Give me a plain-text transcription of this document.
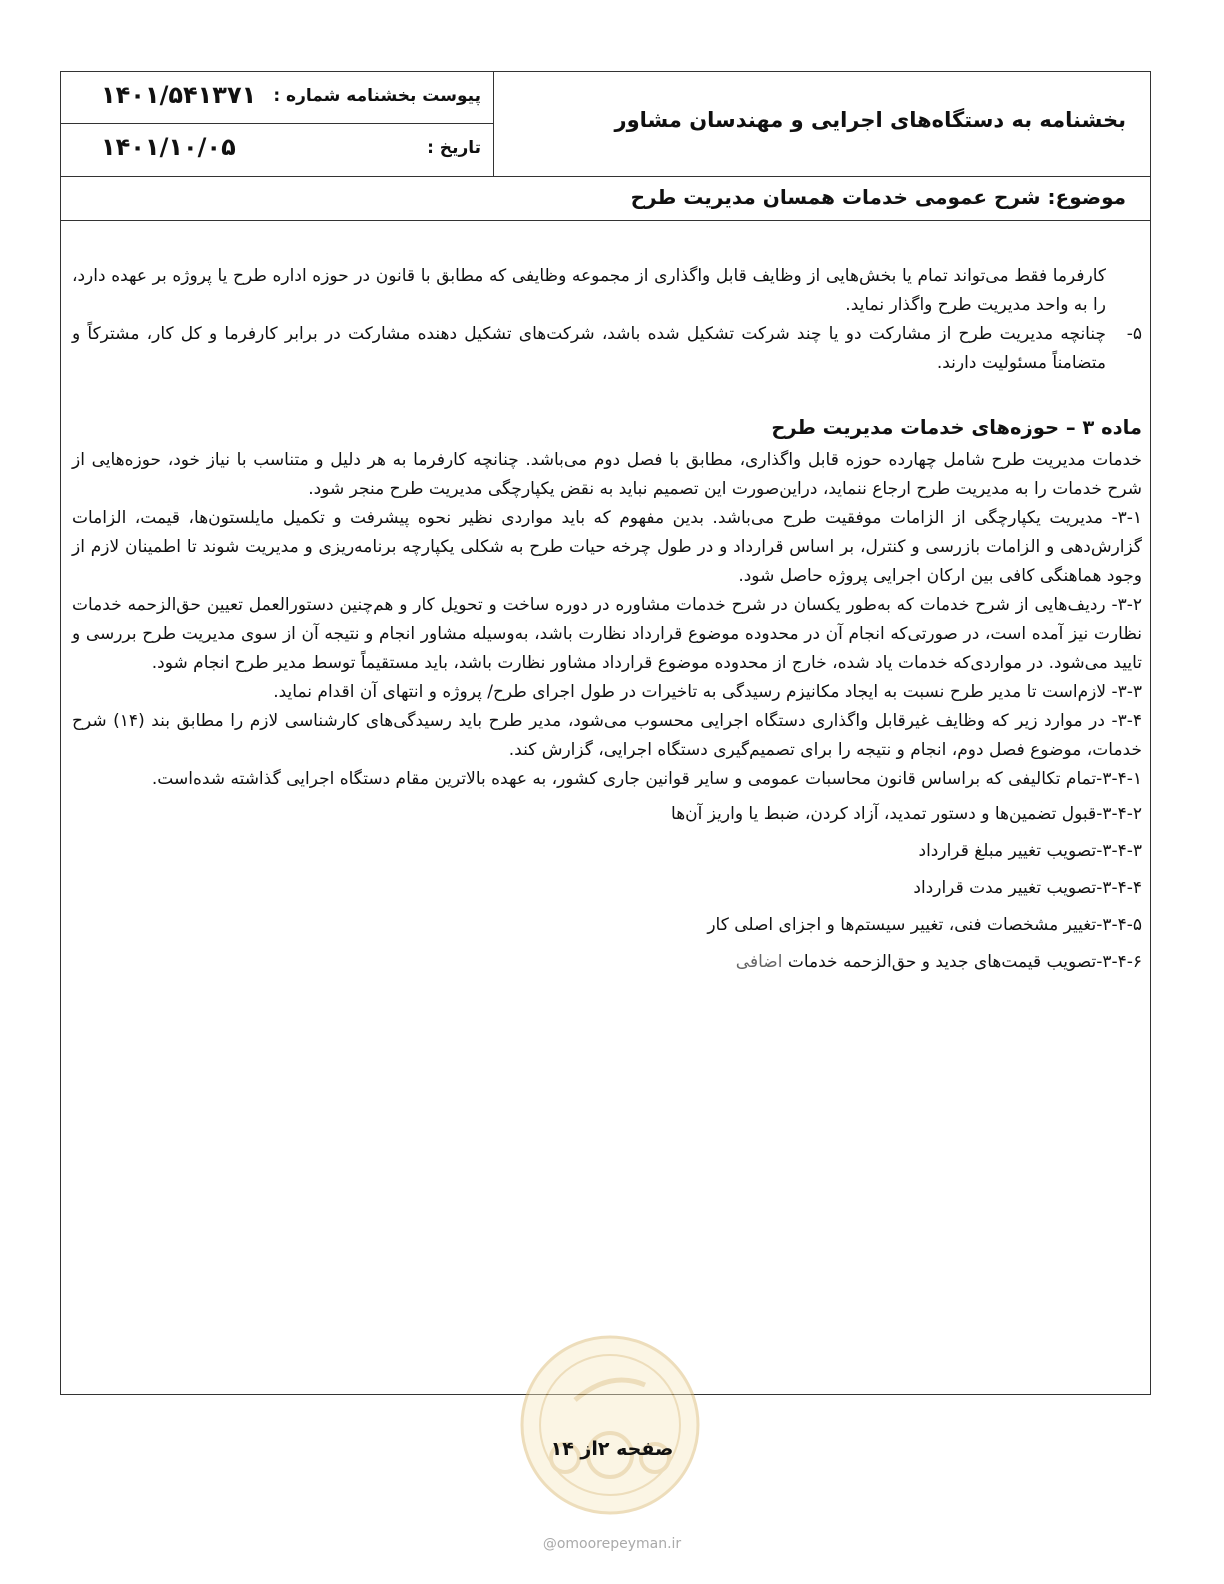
بخشنامه به دستگاه‌های اجرایی و مهندسان مشاور
پیوست بخشنامه شماره :
۱۴۰۱/۵۴۱۳۷۱
تاریخ :
۱۴۰۱/۱۰/۰۵
موضوع: شرح عمومی خدمات همسان مدیریت طرح

کارفرما فقط می‌تواند تمام یا بخش‌هایی از وظایف قابل واگذاری از مجموعه وظایفی که مطابق با قانون در حوزه اداره طرح یا پروژه بر عهده دارد، را به واحد مدیریت طرح واگذار نماید.

۵-
چنانچه مدیریت طرح از مشارکت دو یا چند شرکت تشکیل شده باشد، شرکت‌های تشکیل دهنده مشارکت در برابر کارفرما و کل کار، مشترکاً و متضامناً مسئولیت دارند.
ماده ۳ – حوزه‌های خدمات مدیریت طرح

خدمات مدیریت طرح شامل چهارده حوزه قابل واگذاری، مطابق با فصل دوم می‌باشد. چنانچه کارفرما به هر دلیل و متناسب با نیاز خود، حوزه‌هایی از شرح خدمات را به مدیریت طرح ارجاع ننماید، دراین‌صورت این تصمیم نباید به نقض یکپارچگی مدیریت طرح منجر شود.

۳-۱- مدیریت یکپارچگی از الزامات موفقیت طرح می‌باشد. بدین مفهوم که باید مواردی نظیر نحوه پیشرفت و تکمیل مایلستون‌ها، قیمت، الزامات گزارش‌دهی و الزامات بازرسی و کنترل، بر اساس قرارداد و در طول چرخه حیات طرح به شکلی یکپارچه برنامه‌ریزی و مدیریت شوند تا اطمینان لازم از وجود هماهنگی کافی بین ارکان اجرایی پروژه حاصل شود.

۳-۲- ردیف‌هایی از شرح خدمات که به‌طور یکسان در شرح خدمات مشاوره در دوره ساخت و تحویل کار و هم‌چنین دستورالعمل تعیین حق‌الزحمه خدمات نظارت نیز آمده است، در صورتی‌که انجام آن در محدوده موضوع قرارداد نظارت باشد، به‌وسیله مشاور انجام و نتیجه آن از سوی مدیریت طرح بررسی و تایید می‌شود. در مواردی‌که خدمات یاد شده، خارج از محدوده موضوع قرارداد مشاور نظارت باشد، باید مستقیماً توسط مدیر طرح انجام شود.

۳-۳- لازم‌است تا مدیر طرح نسبت به ایجاد مکانیزم رسیدگی به تاخیرات در طول اجرای طرح/ پروژه و انتهای آن اقدام نماید.

۳-۴- در موارد زیر که وظایف غیرقابل واگذاری دستگاه اجرایی محسوب می‌شود، مدیر طرح باید رسیدگی‌های کارشناسی لازم را مطابق بند (۱۴) شرح خدمات، موضوع فصل دوم، انجام و نتیجه را برای تصمیم‌گیری دستگاه اجرایی، گزارش کند.

۳-۴-۱-تمام تکالیفی که براساس قانون محاسبات عمومی و سایر قوانین جاری کشور، به عهده بالاترین مقام دستگاه اجرایی گذاشته شده‌است.

۳-۴-۲-قبول تضمین‌ها و دستور تمدید، آزاد کردن، ضبط یا واریز آن‌ها

۳-۴-۳-تصویب تغییر مبلغ قرارداد

۳-۴-۴-تصویب تغییر مدت قرارداد

۳-۴-۵-تغییر مشخصات فنی، تغییر سیستم‌ها و اجزای اصلی کار

۳-۴-۶-تصویب قیمت‌های جدید و حق‌الزحمه خدمات اضافی

صفحه ۲از ۱۴
@omoorepeyman.ir
